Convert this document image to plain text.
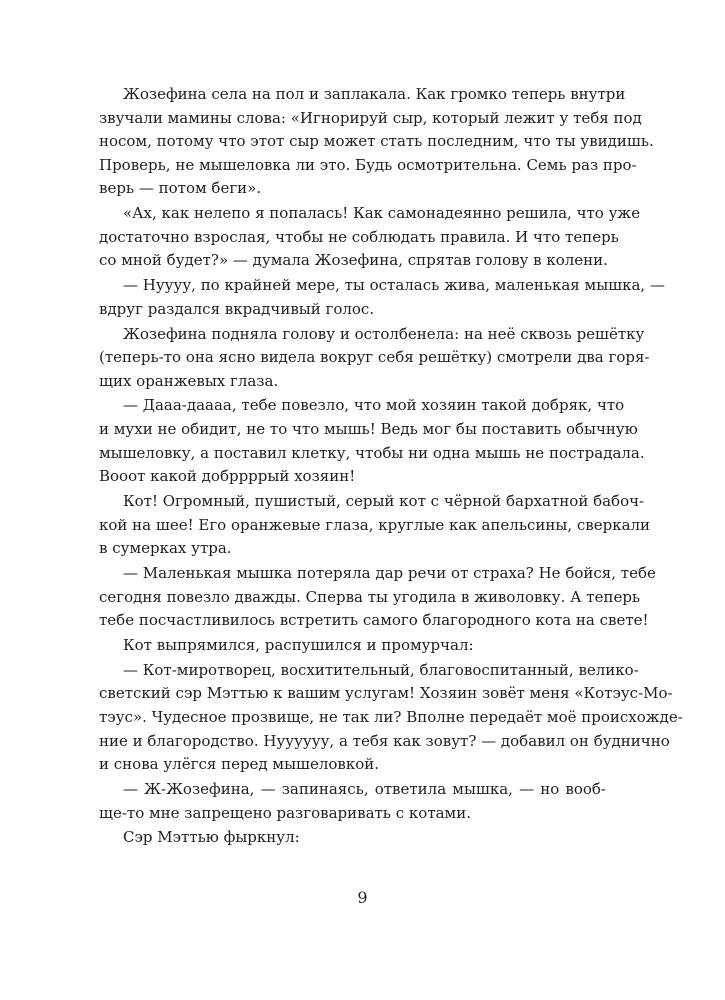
Жозефина села на пол и заплакала. Как громко теперь внутри
звучали мамины слова: «Игнорируй сыр, который лежит у тебя под
носом, потому что этот сыр может стать последним, что ты увидишь.
Проверь, не мышеловка ли это. Будь осмотрительна. Семь раз про-
верь — потом беги».
«Ах, как нелепо я попалась! Как самонадеянно решила, что уже
достаточно взрослая, чтобы не соблюдать правила. И что теперь
со мной будет?» — думала Жозефина, спрятав голову в колени.
— Нуууу, по крайней мере, ты осталась жива, маленькая мышка, —
вдруг раздался вкрадчивый голос.
Жозефина подняла голову и остолбенела: на неё сквозь решётку
(теперь-то она ясно видела вокруг себя решётку) смотрели два горя-
щих оранжевых глаза.
— Дааа-даааа, тебе повезло, что мой хозяин такой добряк, что
и мухи не обидит, не то что мышь! Ведь мог бы поставить обычную
мышеловку, а поставил клетку, чтобы ни одна мышь не пострадала.
Вооот какой добррррый хозяин!
Кот! Огромный, пушистый, серый кот с чёрной бархатной бабоч-
кой на шее! Его оранжевые глаза, круглые как апельсины, сверкали
в сумерках утра.
— Маленькая мышка потеряла дар речи от страха? Не бойся, тебе
сегодня повезло дважды. Сперва ты угодила в живоловку. А теперь
тебе посчастливилось встретить самого благородного кота на свете!
Кот выпрямился, распушился и промурчал:
— Кот-миротворец, восхитительный, благовоспитанный, велико-
светский сэр Мэттью к вашим услугам! Хозяин зовёт меня «Котэус-Мо-
тэус». Чудесное прозвище, не так ли? Вполне передаёт моё происхожде-
ние и благородство. Нуууууу, а тебя как зовут? — добавил он буднично
и снова улёгся перед мышеловкой.
— Ж-Жозефина, — запинаясь, ответила мышка, — но вооб-
ще-то мне запрещено разговаривать с котами.
Сэр Мэттью фыркнул:
9
